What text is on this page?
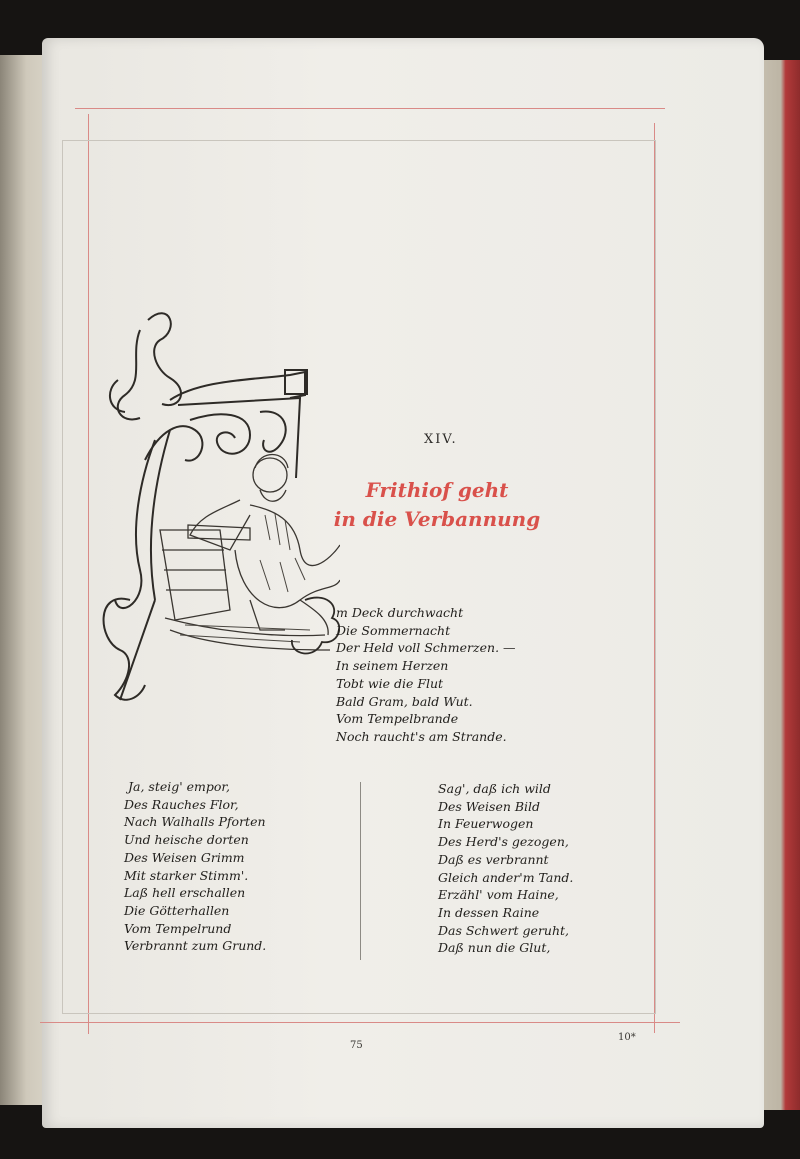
XIV.

Frithiof geht
in die Verbannung
m Deck durchwacht
Die Sommernacht
Der Held voll Schmerzen. —
In seinem Herzen
Tobt wie die Flut
Bald Gram, bald Wut.
Vom Tempelbrande
Noch raucht's am Strande.
Ja, steig' empor,
Des Rauches Flor,
Nach Walhalls Pforten
Und heische dorten
Des Weisen Grimm
Mit starker Stimm'.
Laß hell erschallen
Die Götterhallen
Vom Tempelrund
Verbrannt zum Grund.
Sag', daß ich wild
Des Weisen Bild
In Feuerwogen
Des Herd's gezogen,
Daß es verbrannt
Gleich ander'm Tand.
Erzähl' vom Haine,
In dessen Raine
Das Schwert geruht,
Daß nun die Glut,

75

10*
